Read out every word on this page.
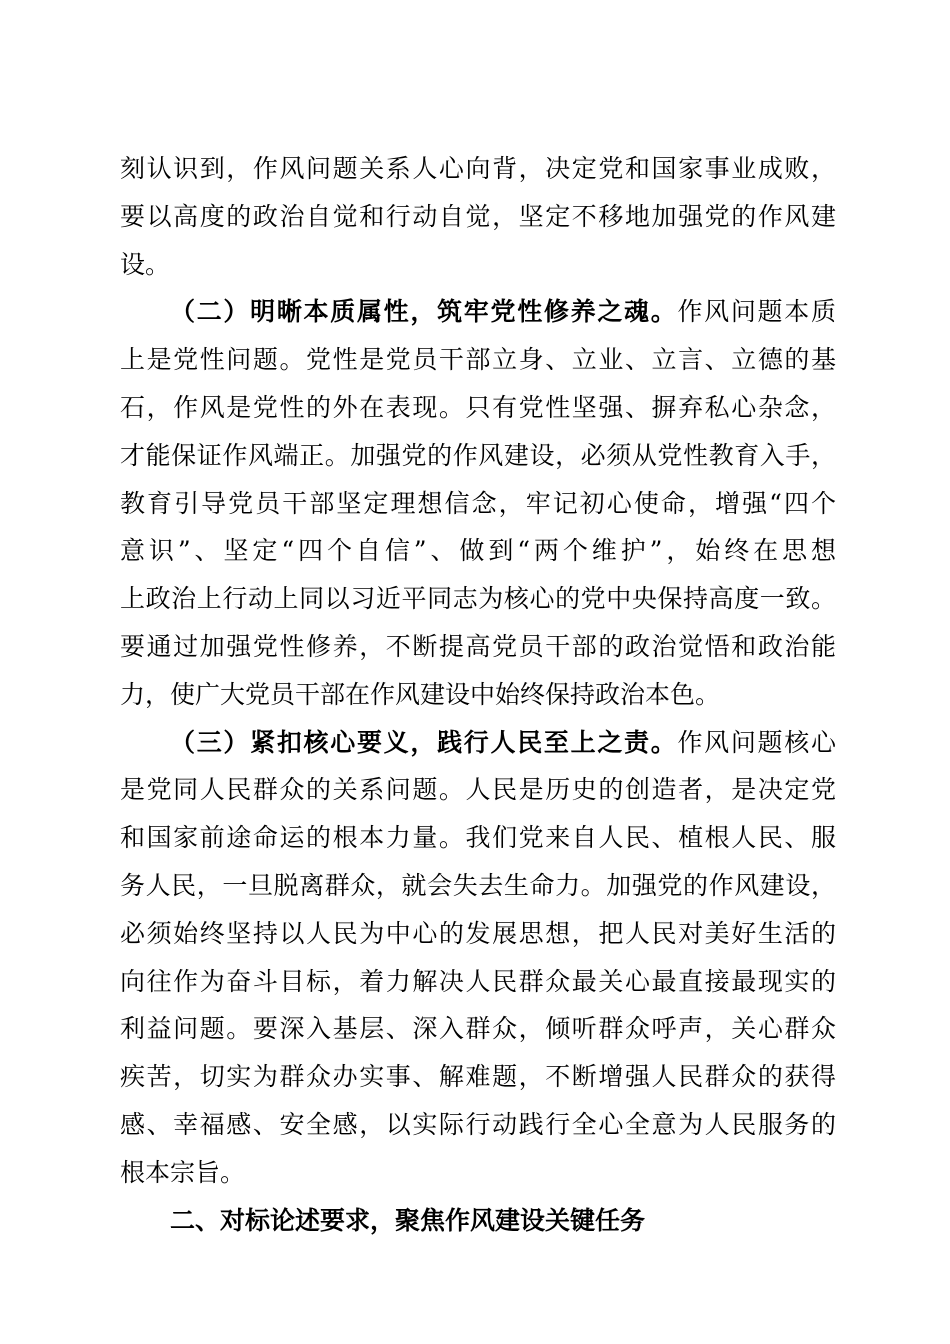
刻认识到，作风问题关系人心向背，决定党和国家事业成败，
要以高度的政治自觉和行动自觉，坚定不移地加强党的作风建
设。
（二）明晰本质属性，筑牢党性修养之魂。作风问题本质
上是党性问题。党性是党员干部立身、立业、立言、立德的基
石，作风是党性的外在表现。只有党性坚强、摒弃私心杂念，
才能保证作风端正。加强党的作风建设，必须从党性教育入手，
教育引导党员干部坚定理想信念，牢记初心使命，增强“四个
意识”、坚定“四个自信”、做到“两个维护”，始终在思想
上政治上行动上同以习近平同志为核心的党中央保持高度一致。
要通过加强党性修养，不断提高党员干部的政治觉悟和政治能
力，使广大党员干部在作风建设中始终保持政治本色。
（三）紧扣核心要义，践行人民至上之责。作风问题核心
是党同人民群众的关系问题。人民是历史的创造者，是决定党
和国家前途命运的根本力量。我们党来自人民、植根人民、服
务人民，一旦脱离群众，就会失去生命力。加强党的作风建设，
必须始终坚持以人民为中心的发展思想，把人民对美好生活的
向往作为奋斗目标，着力解决人民群众最关心最直接最现实的
利益问题。要深入基层、深入群众，倾听群众呼声，关心群众
疾苦，切实为群众办实事、解难题，不断增强人民群众的获得
感、幸福感、安全感，以实际行动践行全心全意为人民服务的
根本宗旨。
二、对标论述要求，聚焦作风建设关键任务
